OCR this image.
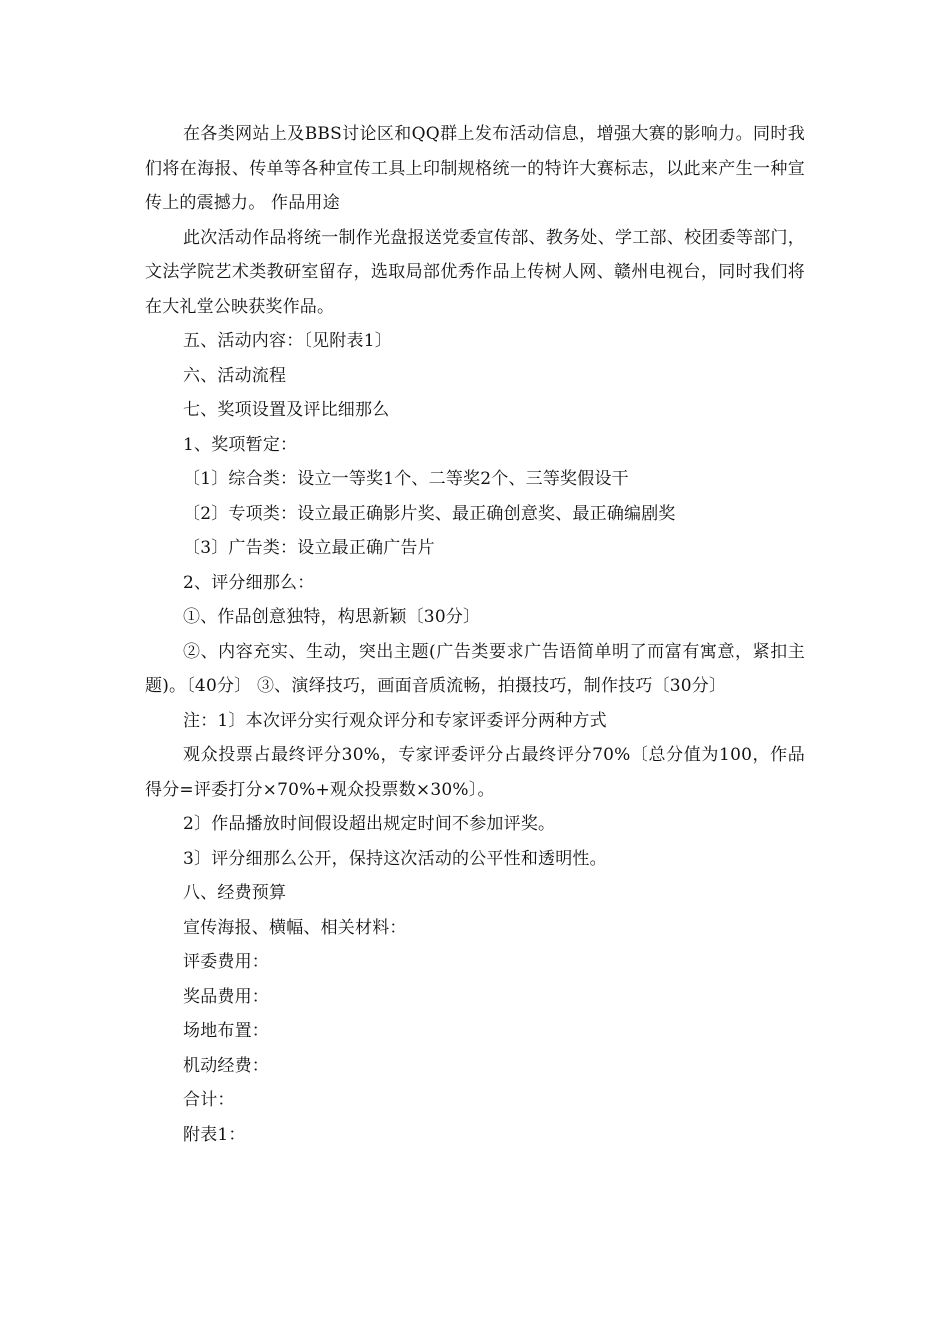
在各类网站上及BBS讨论区和QQ群上发布活动信息，增强大赛的影响力。同时我们将在海报、传单等各种宣传工具上印制规格统一的特许大赛标志，以此来产生一种宣传上的震撼力。 作品用途

此次活动作品将统一制作光盘报送党委宣传部、教务处、学工部、校团委等部门，文法学院艺术类教研室留存，选取局部优秀作品上传树人网、赣州电视台，同时我们将在大礼堂公映获奖作品。

五、活动内容：〔见附表1〕

六、活动流程

七、奖项设置及评比细那么

1、奖项暂定：

〔1〕综合类：设立一等奖1个、二等奖2个、三等奖假设干

〔2〕专项类：设立最正确影片奖、最正确创意奖、最正确编剧奖

〔3〕广告类：设立最正确广告片

2、评分细那么：

①、作品创意独特，构思新颖〔30分〕

②、内容充实、生动，突出主题(广告类要求广告语简单明了而富有寓意，紧扣主题)。〔40分〕 ③、演绎技巧，画面音质流畅，拍摄技巧，制作技巧〔30分〕

注：1〕本次评分实行观众评分和专家评委评分两种方式

观众投票占最终评分30%，专家评委评分占最终评分70%〔总分值为100，作品得分=评委打分×70%+观众投票数×30%〕。

2〕作品播放时间假设超出规定时间不参加评奖。

3〕评分细那么公开，保持这次活动的公平性和透明性。

八、经费预算

宣传海报、横幅、相关材料：

评委费用：

奖品费用：

场地布置：

机动经费：

合计：

附表1：
